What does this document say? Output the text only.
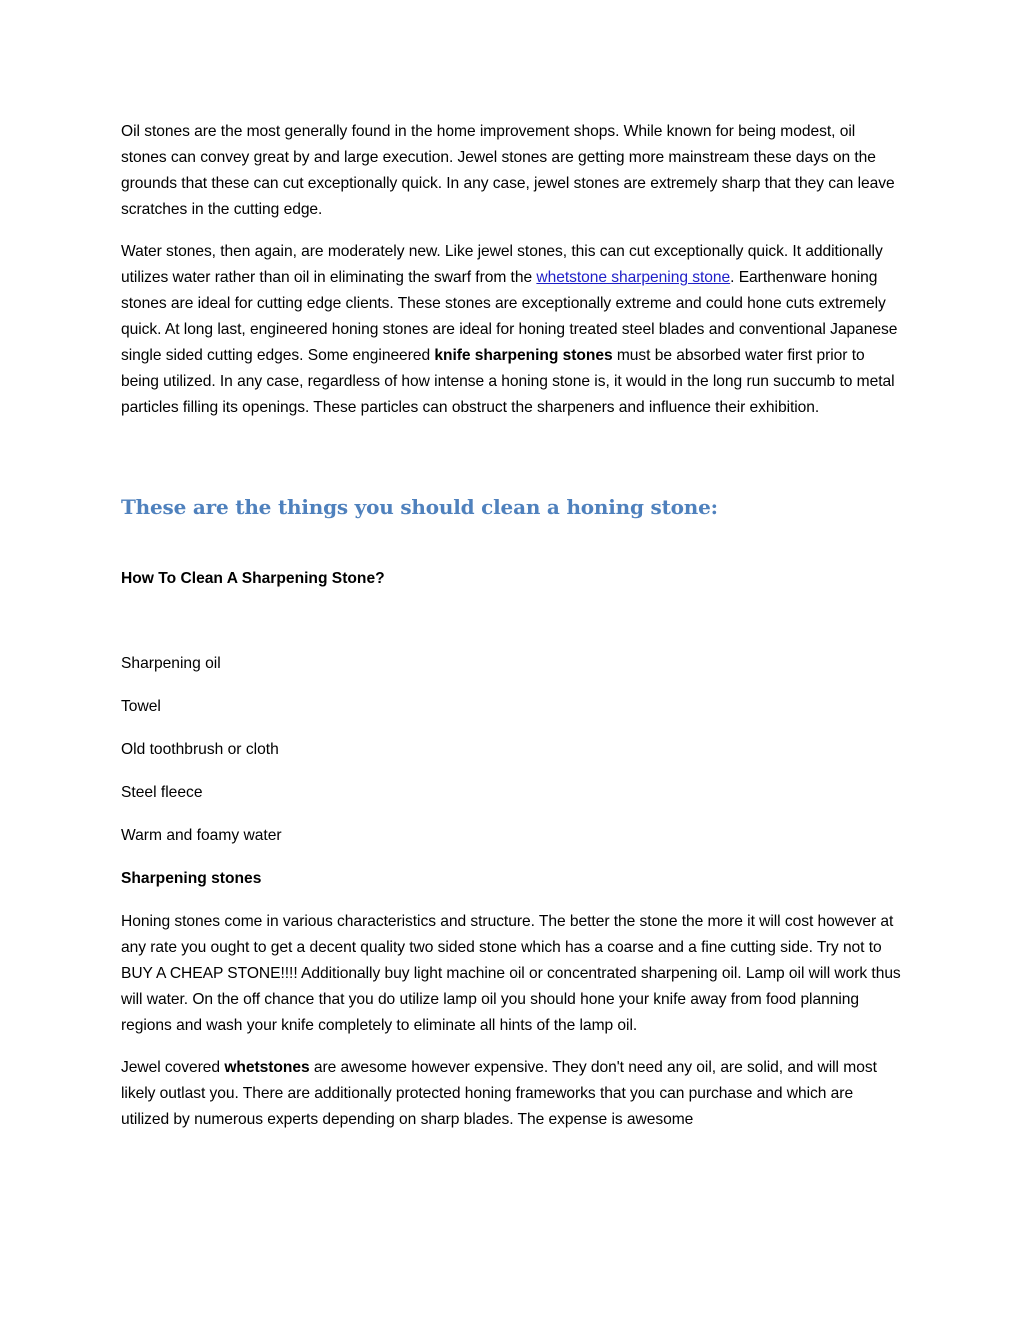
Oil stones are the most generally found in the home improvement shops. While known for being modest, oil stones can convey great by and large execution. Jewel stones are getting more mainstream these days on the grounds that these can cut exceptionally quick. In any case, jewel stones are extremely sharp that they can leave scratches in the cutting edge.

Water stones, then again, are moderately new. Like jewel stones, this can cut exceptionally quick. It additionally utilizes water rather than oil in eliminating the swarf from the whetstone sharpening stone. Earthenware honing stones are ideal for cutting edge clients. These stones are exceptionally extreme and could hone cuts extremely quick. At long last, engineered honing stones are ideal for honing treated steel blades and conventional Japanese single sided cutting edges. Some engineered knife sharpening stones must be absorbed water first prior to being utilized. In any case, regardless of how intense a honing stone is, it would in the long run succumb to metal particles filling its openings. These particles can obstruct the sharpeners and influence their exhibition.

These are the things you should clean a honing stone:

How To Clean A Sharpening Stone?

Sharpening oil

Towel

Old toothbrush or cloth

Steel fleece

Warm and foamy water

Sharpening stones

Honing stones come in various characteristics and structure. The better the stone the more it will cost however at any rate you ought to get a decent quality two sided stone which has a coarse and a fine cutting side. Try not to BUY A CHEAP STONE!!!! Additionally buy light machine oil or concentrated sharpening oil. Lamp oil will work thus will water. On the off chance that you do utilize lamp oil you should hone your knife away from food planning regions and wash your knife completely to eliminate all hints of the lamp oil.

Jewel covered whetstones are awesome however expensive. They don't need any oil, are solid, and will most likely outlast you. There are additionally protected honing frameworks that you can purchase and which are utilized by numerous experts depending on sharp blades. The expense is awesome
